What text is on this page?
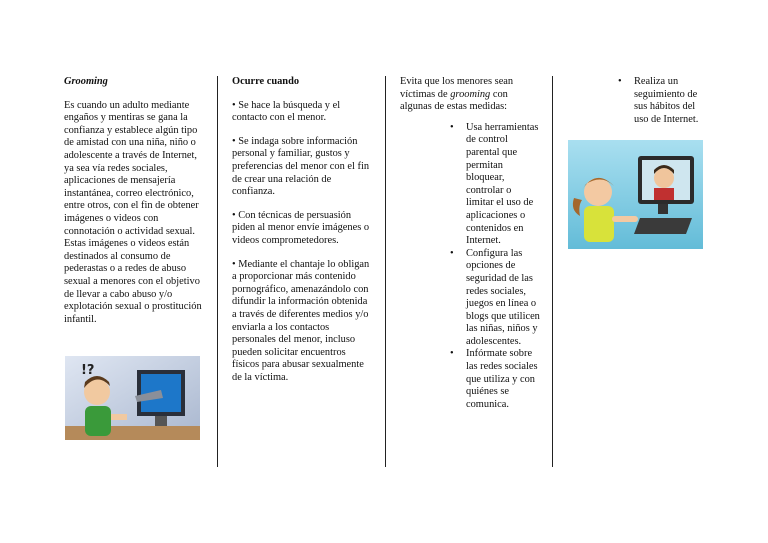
Grooming

Es cuando un adulto mediante engaños y mentiras se gana la confianza y establece algún tipo de amistad con una niña, niño o adolescente a través de Internet, ya sea vía redes sociales, aplicaciones de mensajería instantánea, correo electrónico, entre otros, con el fin de obtener imágenes o videos con connotación o actividad sexual. Estas imágenes o videos están destinados al consumo de pederastas o a redes de abuso sexual a menores con el objetivo de llevar a cabo abuso y/o explotación sexual o prostitución infantil.

!?
Ocurre cuando

• Se hace la búsqueda y el contacto con el menor.

• Se indaga sobre información personal y familiar, gustos y preferencias del menor con el fin de crear una relación de confianza.

• Con técnicas de persuasión piden al menor envíe imágenes o videos comprometedores.

• Mediante el chantaje lo obligan a proporcionar más contenido pornográfico, amenazándolo con difundir la información obtenida a través de diferentes medios y/o enviarla a los contactos personales del menor, incluso pueden solicitar encuentros físicos para abusar sexualmente de la víctima.

Evita que los menores sean víctimas de grooming con algunas de estas medidas:

• Usa herramientas de control parental que permitan bloquear, controlar o limitar el uso de aplicaciones o contenidos en Internet.
• Configura las opciones de seguridad de las redes sociales, juegos en línea o blogs que utilicen las niñas, niños y adolescentes.
• Infórmate sobre las redes sociales que utiliza y con quiénes se comunica.
• Realiza un seguimiento de sus hábitos del uso de Internet.
